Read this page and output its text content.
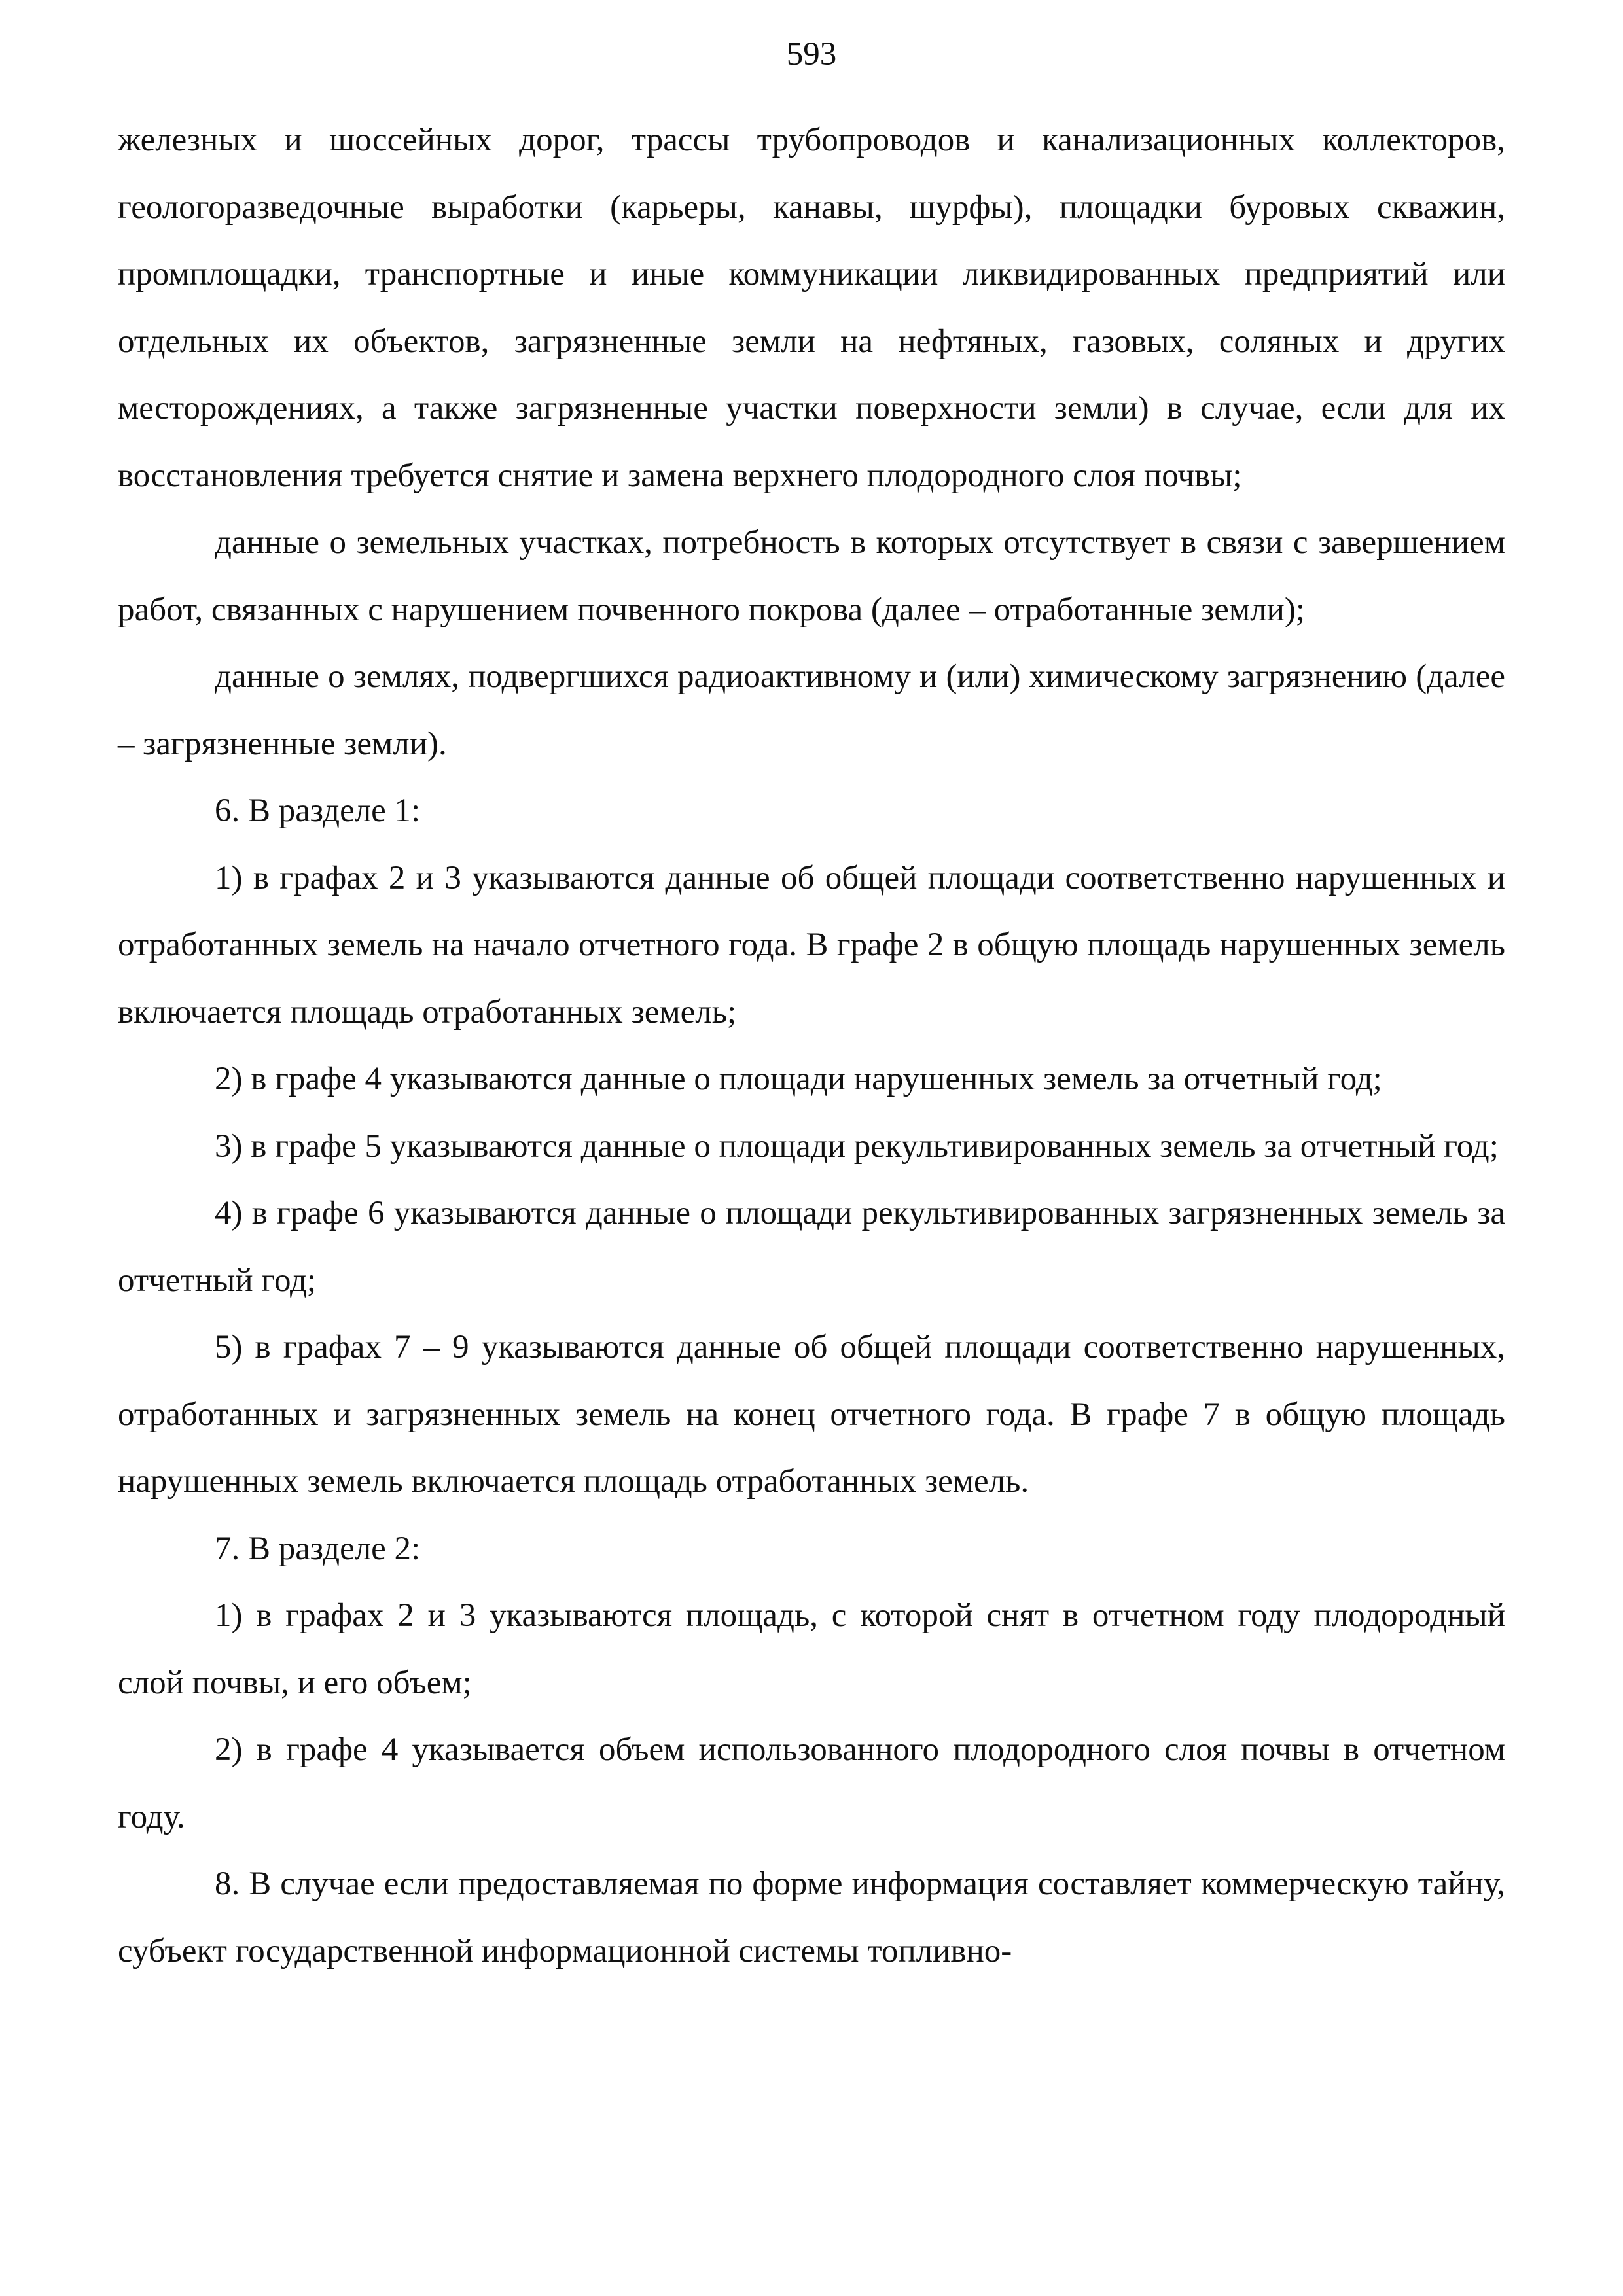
593

железных и шоссейных дорог, трассы трубопроводов и канализационных коллекторов, геологоразведочные выработки (карьеры, канавы, шурфы), площадки буровых скважин, промплощадки, транспортные и иные коммуникации ликвидированных предприятий или отдельных их объектов, загрязненные земли на нефтяных, газовых, соляных и других месторождениях, а также загрязненные участки поверхности земли) в случае, если для их восстановления требуется снятие и замена верхнего плодородного слоя почвы;

данные о земельных участках, потребность в которых отсутствует в связи с завершением работ, связанных с нарушением почвенного покрова (далее – отработанные земли);

данные о землях, подвергшихся радиоактивному и (или) химическому загрязнению (далее – загрязненные земли).

6. В разделе 1:

1) в графах 2 и 3 указываются данные об общей площади соответственно нарушенных и отработанных земель на начало отчетного года. В графе 2 в общую площадь нарушенных земель включается площадь отработанных земель;

2) в графе 4 указываются данные о площади нарушенных земель за отчетный год;

3) в графе 5 указываются данные о площади рекультивированных земель за отчетный год;

4) в графе 6 указываются данные о площади рекультивированных загрязненных земель за отчетный год;

5) в графах 7 – 9 указываются данные об общей площади соответственно нарушенных, отработанных и загрязненных земель на конец отчетного года. В графе 7 в общую площадь нарушенных земель включается площадь отработанных земель.

7. В разделе 2:

1) в графах 2 и 3 указываются площадь, с которой снят в отчетном году плодородный слой почвы, и его объем;

2) в графе 4 указывается объем использованного плодородного слоя почвы в отчетном году.

8. В случае если предоставляемая по форме информация составляет коммерческую тайну, субъект государственной информационной системы топливно-
